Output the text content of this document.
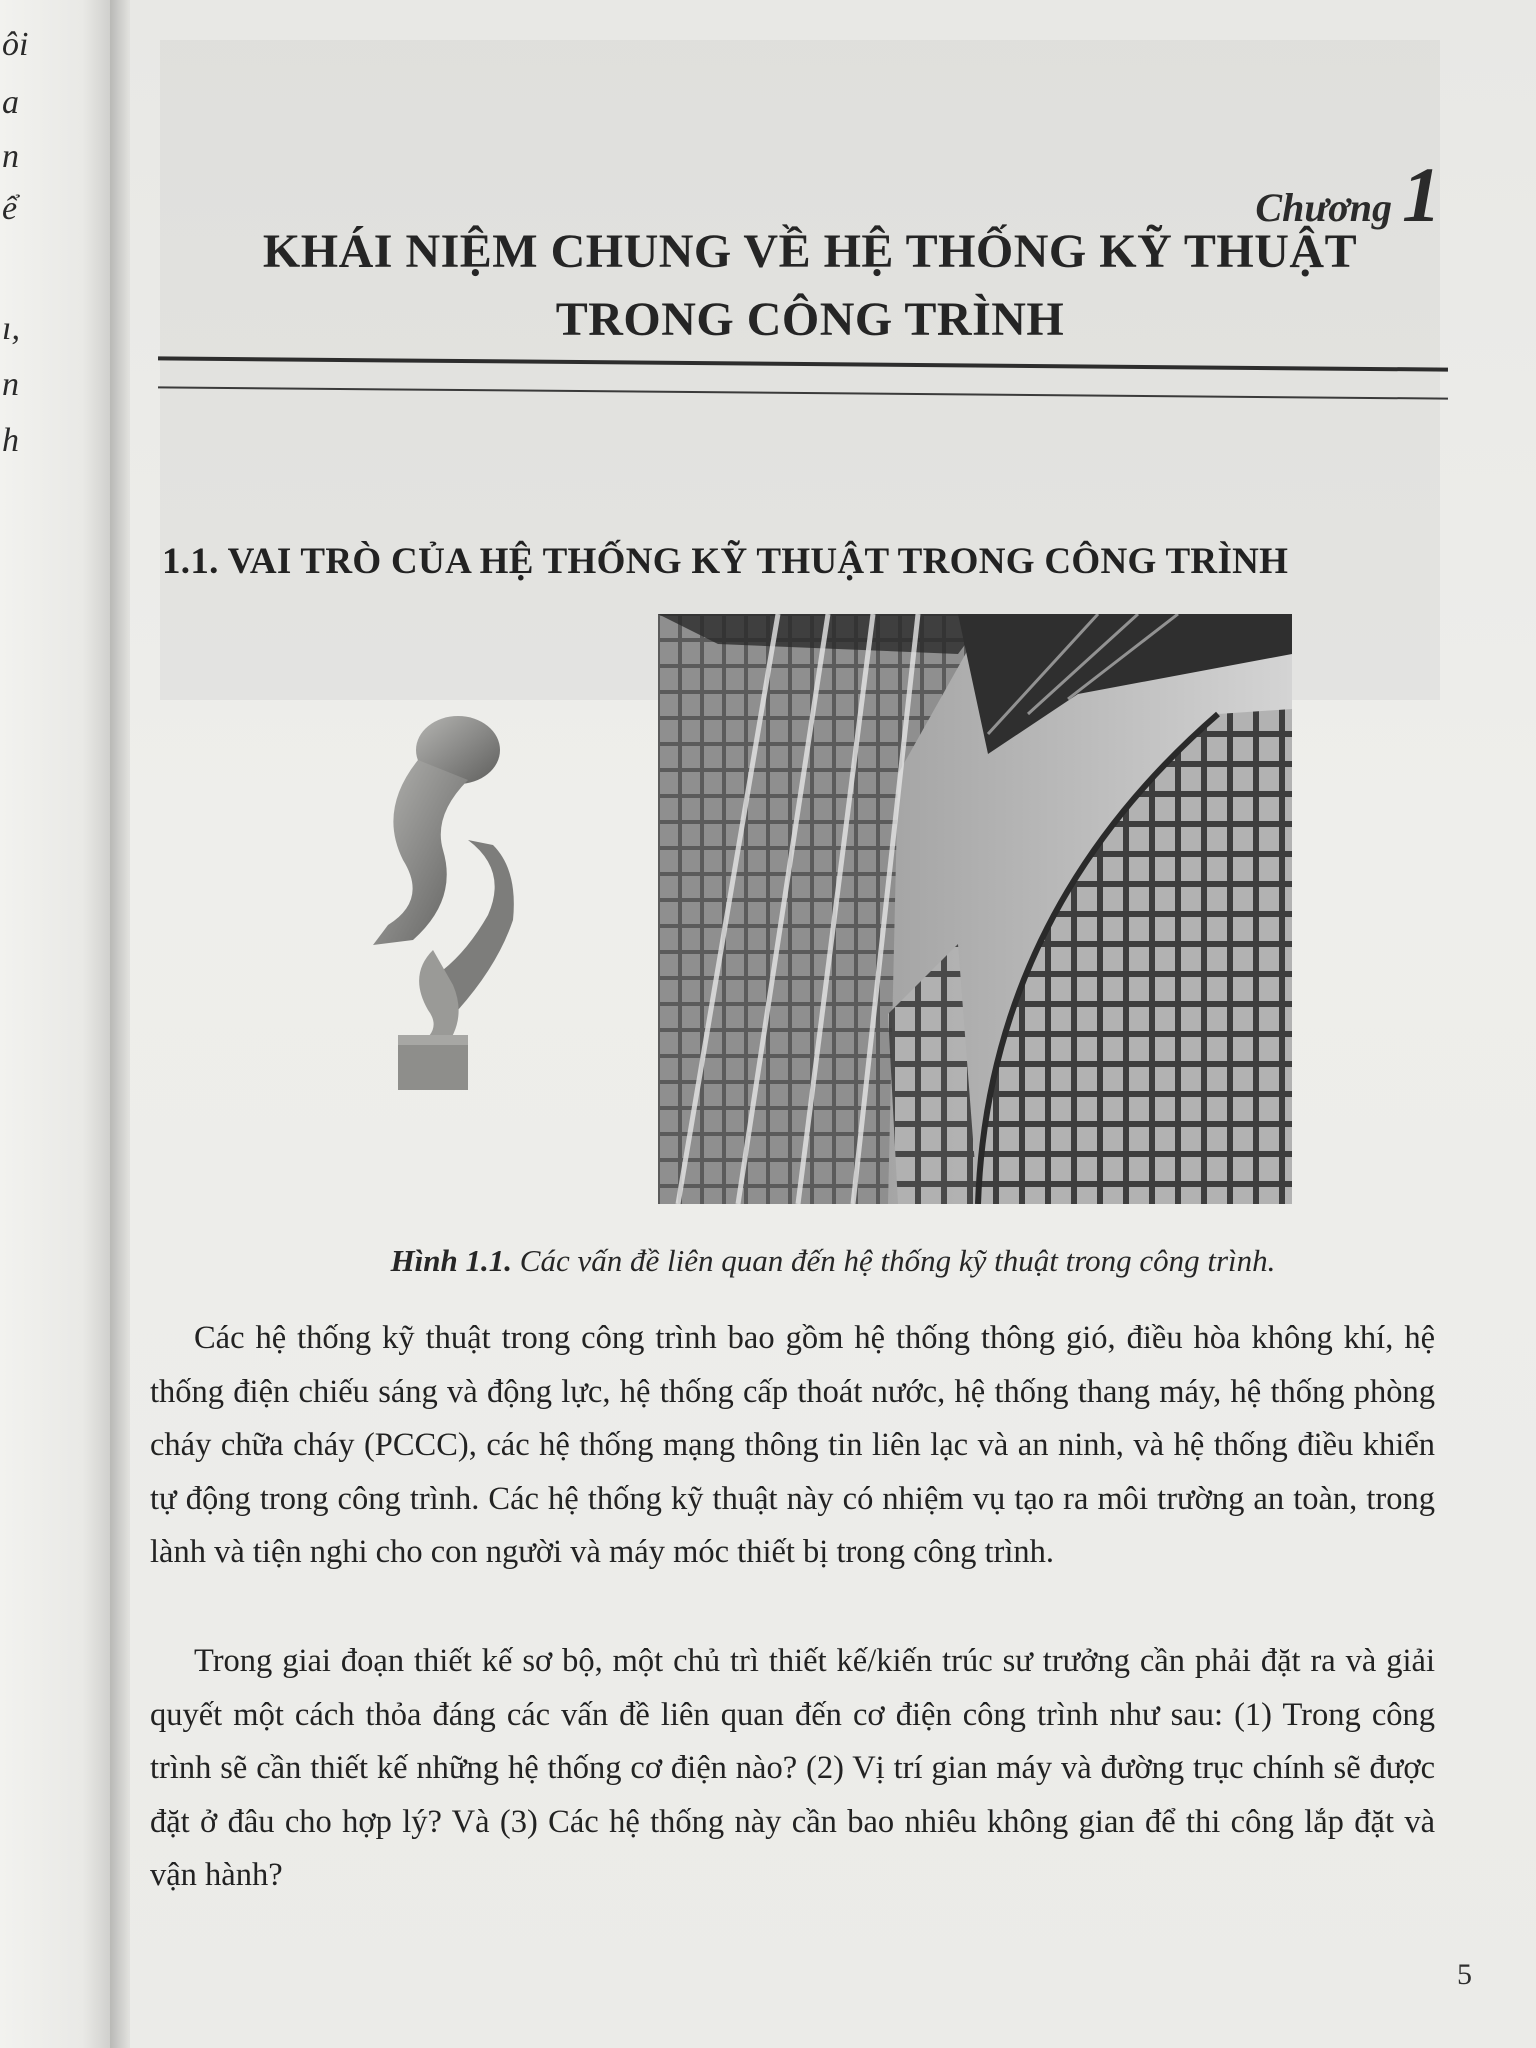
ôi
a
n
ể
ı,
n
h
Chương 1
KHÁI NIỆM CHUNG VỀ HỆ THỐNG KỸ THUẬT
TRONG CÔNG TRÌNH
1.1. VAI TRÒ CỦA HỆ THỐNG KỸ THUẬT TRONG CÔNG TRÌNH
Hình 1.1. Các vấn đề liên quan đến hệ thống kỹ thuật trong công trình.

Các hệ thống kỹ thuật trong công trình bao gồm hệ thống thông gió, điều hòa không khí, hệ thống điện chiếu sáng và động lực, hệ thống cấp thoát nước, hệ thống thang máy, hệ thống phòng cháy chữa cháy (PCCC), các hệ thống mạng thông tin liên lạc và an ninh, và hệ thống điều khiển tự động trong công trình. Các hệ thống kỹ thuật này có nhiệm vụ tạo ra môi trường an toàn, trong lành và tiện nghi cho con người và máy móc thiết bị trong công trình.

Trong giai đoạn thiết kế sơ bộ, một chủ trì thiết kế/kiến trúc sư trưởng cần phải đặt ra và giải quyết một cách thỏa đáng các vấn đề liên quan đến cơ điện công trình như sau: (1) Trong công trình sẽ cần thiết kế những hệ thống cơ điện nào? (2) Vị trí gian máy và đường trục chính sẽ được đặt ở đâu cho hợp lý? Và (3) Các hệ thống này cần bao nhiêu không gian để thi công lắp đặt và vận hành?

5
